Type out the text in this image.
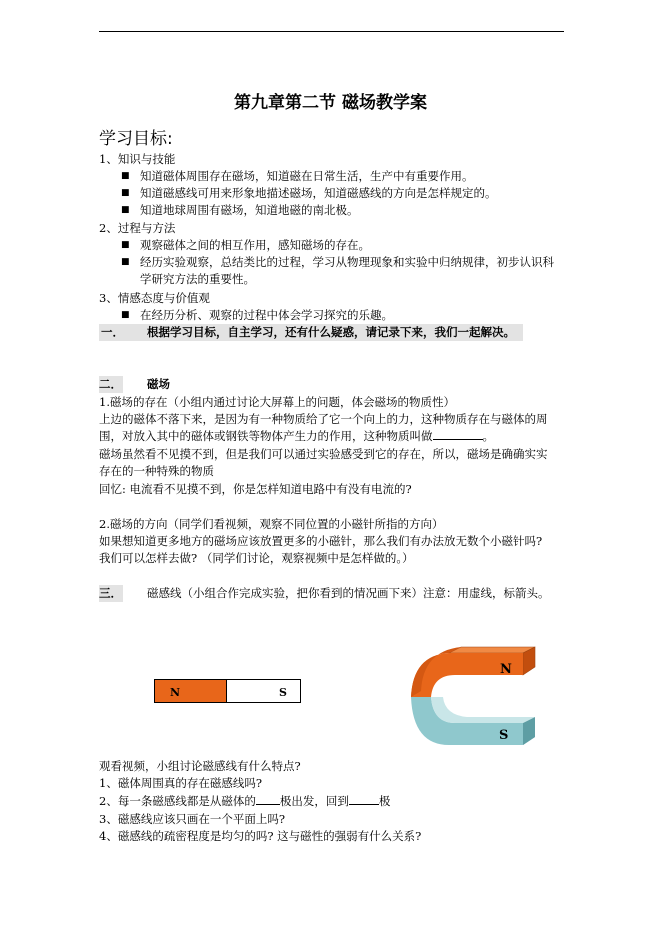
第九章第二节 磁场教学案
学习目标:
1、知识与技能
■ 知道磁体周围存在磁场，知道磁在日常生活，生产中有重要作用。
■ 知道磁感线可用来形象地描述磁场，知道磁感线的方向是怎样规定的。
■ 知道地球周围有磁场，知道地磁的南北极。
2、过程与方法
■ 观察磁体之间的相互作用，感知磁场的存在。
■ 经历实验观察，总结类比的过程，学习从物理现象和实验中归纳规律，初步认识科
学研究方法的重要性。
3、情感态度与价值观
■ 在经历分析、观察的过程中体会学习探究的乐趣。
一． 根据学习目标，自主学习，还有什么疑惑，请记录下来，我们一起解决。
二． 磁场
1.磁场的存在（小组内通过讨论大屏幕上的问题，体会磁场的物质性）
上边的磁体不落下来，是因为有一种物质给了它一个向上的力，这种物质存在与磁体的周
围，对放入其中的磁体或钢铁等物体产生力的作用，这种物质叫做	。
磁场虽然看不见摸不到，但是我们可以通过实验感受到它的存在，所以，磁场是确确实实
存在的一种特殊的物质
回忆: 电流看不见摸不到，你是怎样知道电路中有没有电流的?
2.磁场的方向（同学们看视频，观察不同位置的小磁针所指的方向）
如果想知道更多地方的磁场应该放置更多的小磁针，那么我们有办法放无数个小磁针吗?
我们可以怎样去做? （同学们讨论，观察视频中是怎样做的。）
三． 磁感线（小组合作完成实验，把你看到的情况画下来）注意：用虚线，标箭头。
N	S
N
S
观看视频，小组讨论磁感线有什么特点?
1、磁体周围真的存在磁感线吗?
2、每一条磁感线都是从磁体的 极出发，回到	极
3、磁感线应该只画在一个平面上吗?
4、磁感线的疏密程度是均匀的吗? 这与磁性的强弱有什么关系?
